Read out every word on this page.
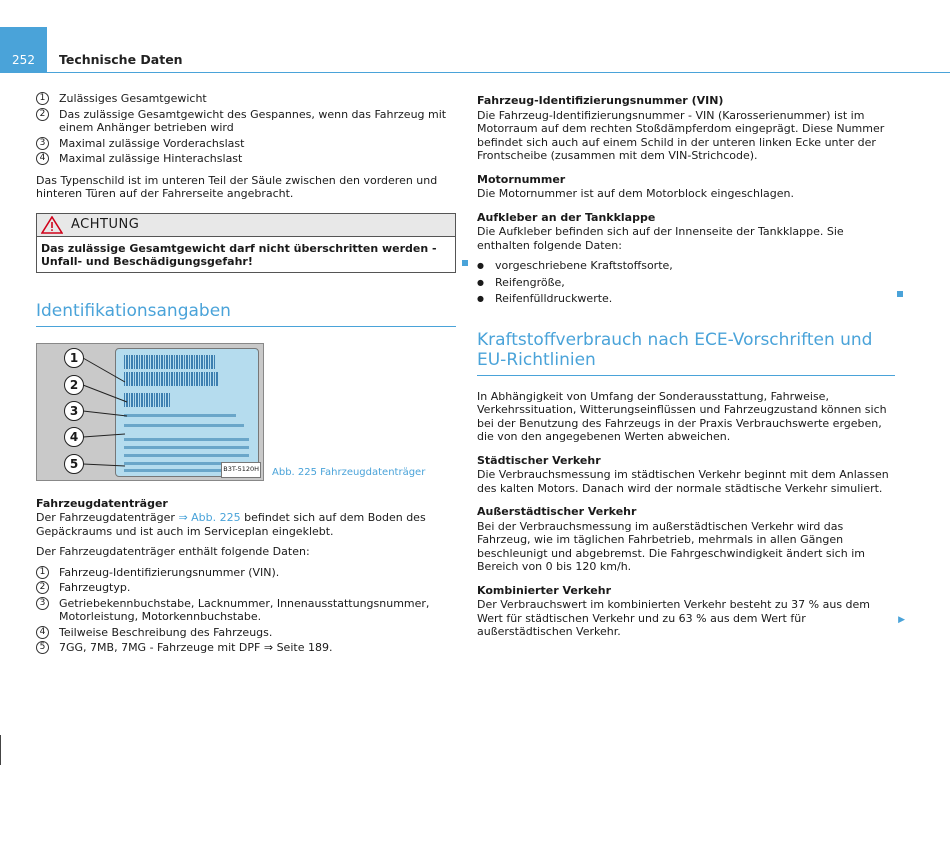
252	Technische Daten
1	Zulässiges Gesamtgewicht
2	Das zulässige Gesamtgewicht des Gespannes, wenn das Fahrzeug mit einem Anhänger betrieben wird
3	Maximal zulässige Vorderachslast
4	Maximal zulässige Hinterachslast

Das Typenschild ist im unteren Teil der Säule zwischen den vorderen und hinteren Türen auf der Fahrerseite angebracht.

ACHTUNG
Das zulässige Gesamtgewicht darf nicht überschritten werden - Unfall- und Beschädigungsgefahr!
Identifikationsangaben
1
2
3
4
5	B3T-5120H Abb. 225 Fahrzeugdatenträger
Fahrzeugdatenträger

Der Fahrzeugdatenträger ⇒ Abb. 225 befindet sich auf dem Boden des Gepäckraums und ist auch im Serviceplan eingeklebt.

Der Fahrzeugdatenträger enthält folgende Daten:

1	Fahrzeug-Identifizierungsnummer (VIN).
2	Fahrzeugtyp.
3	Getriebekennbuchstabe, Lacknummer, Innenausstattungsnummer, Motorleistung, Motorkennbuchstabe.
4	Teilweise Beschreibung des Fahrzeugs.
5	7GG, 7MB, 7MG - Fahrzeuge mit DPF ⇒ Seite 189.
Fahrzeug-Identifizierungsnummer (VIN)

Die Fahrzeug-Identifizierungsnummer - VIN (Karosserienummer) ist im Motorraum auf dem rechten Stoßdämpferdom eingeprägt. Diese Nummer befindet sich auch auf einem Schild in der unteren linken Ecke unter der Frontscheibe (zusammen mit dem VIN-Strichcode).

Motornummer

Die Motornummer ist auf dem Motorblock eingeschlagen.

Aufkleber an der Tankklappe

Die Aufkleber befinden sich auf der Innenseite der Tankklappe. Sie enthalten folgende Daten:

● vorgeschriebene Kraftstoffsorte,
● Reifengröße,
● Reifenfülldruckwerte.
Kraftstoffverbrauch nach ECE-Vorschriften und EU-Richtlinien

In Abhängigkeit von Umfang der Sonderausstattung, Fahrweise, Verkehrssituation, Witterungseinflüssen und Fahrzeugzustand können sich bei der Benutzung des Fahrzeugs in der Praxis Verbrauchswerte ergeben, die von den angegebenen Werten abweichen.

Städtischer Verkehr

Die Verbrauchsmessung im städtischen Verkehr beginnt mit dem Anlassen des kalten Motors. Danach wird der normale städtische Verkehr simuliert.

Außerstädtischer Verkehr

Bei der Verbrauchsmessung im außerstädtischen Verkehr wird das Fahrzeug, wie im täglichen Fahrbetrieb, mehrmals in allen Gängen beschleunigt und abgebremst. Die Fahrgeschwindigkeit ändert sich im Bereich von 0 bis 120 km/h.

Kombinierter Verkehr

Der Verbrauchswert im kombinierten Verkehr besteht zu 37 % aus dem Wert für städtischen Verkehr und zu 63 % aus dem Wert für außerstädtischen Verkehr.

▶
